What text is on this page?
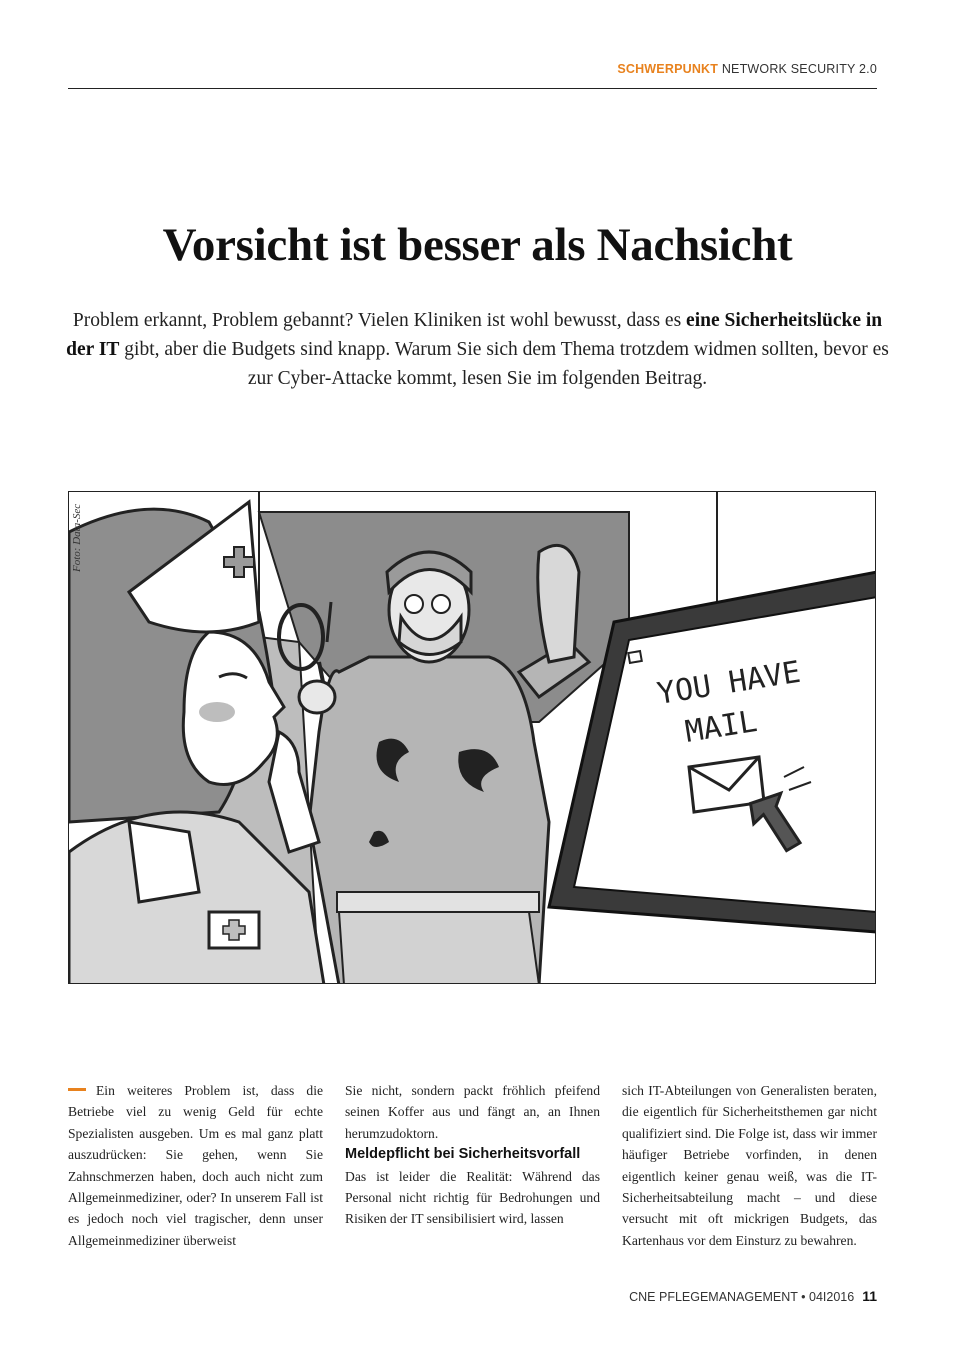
SCHWERPUNKT NETWORK SECURITY 2.0
Vorsicht ist besser als Nachsicht

Problem erkannt, Problem gebannt? Vielen Kliniken ist wohl bewusst, dass es eine Sicherheitslücke in der IT gibt, aber die Budgets sind knapp. Warum Sie sich dem Thema trotzdem widmen sollten, bevor es zur Cyber-Attacke kommt, lesen Sie im folgenden Beitrag.

YOU HAVE
MAIL
Foto: Data-Sec

Ein weiteres Problem ist, dass die Betriebe viel zu wenig Geld für echte Spezialisten ausgeben. Um es mal ganz platt auszudrücken: Sie gehen, wenn Sie Zahnschmerzen haben, doch auch nicht zum Allgemeinmediziner, oder? In unserem Fall ist es jedoch noch viel tragischer, denn unser Allgemeinmediziner überweist

Sie nicht, sondern packt fröhlich pfeifend seinen Koffer aus und fängt an, an Ihnen herumzudoktorn.

Meldepflicht bei Sicherheitsvorfall

Das ist leider die Realität: Während das Personal nicht richtig für Bedrohungen und Risiken der IT sensibilisiert wird, lassen

sich IT-Abteilungen von Generalisten beraten, die eigentlich für Sicherheitsthemen gar nicht qualifiziert sind. Die Folge ist, dass wir immer häufiger Betriebe vorfinden, in denen eigentlich keiner genau weiß, was die IT-Sicherheitsabteilung macht – und diese versucht mit oft mickrigen Budgets, das Kartenhaus vor dem Einsturz zu bewahren.

CNE PFLEGEMANAGEMENT • 04I2016 11
